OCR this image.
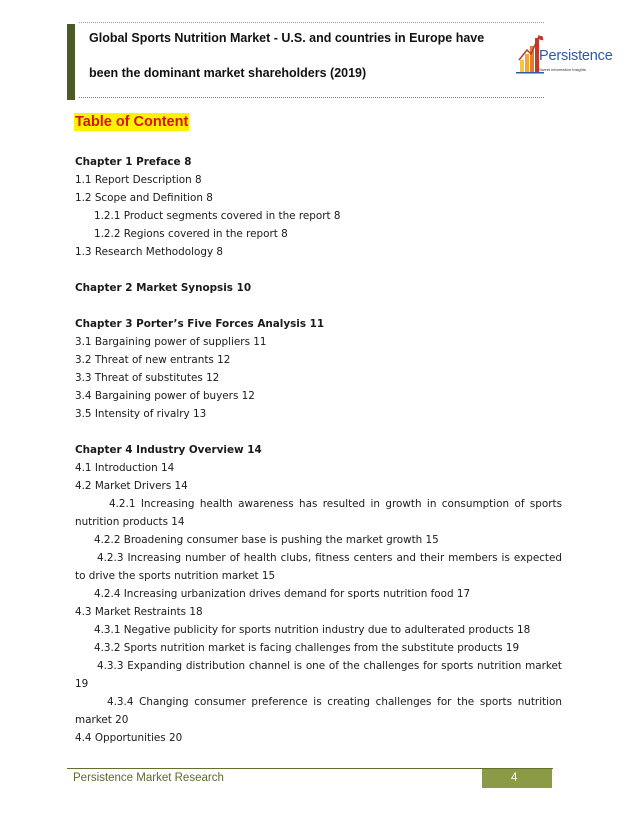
Global Sports Nutrition Market - U.S. and countries in Europe have
been the dominant market shareholders (2019)
Persistence
Sweet information Insights
Table of Content
Chapter 1 Preface 8
1.1 Report Description 8
1.2 Scope and Definition 8
1.2.1 Product segments covered in the report 8
1.2.2 Regions covered in the report 8
1.3 Research Methodology 8
Chapter 2 Market Synopsis 10
Chapter 3 Porter’s Five Forces Analysis 11
3.1 Bargaining power of suppliers 11
3.2 Threat of new entrants 12
3.3 Threat of substitutes 12
3.4 Bargaining power of buyers 12
3.5 Intensity of rivalry 13
Chapter 4 Industry Overview 14
4.1 Introduction 14
4.2 Market Drivers 14
4.2.1 Increasing health awareness has resulted in growth in consumption of sports
nutrition products 14
4.2.2 Broadening consumer base is pushing the market growth 15
4.2.3 Increasing number of health clubs, fitness centers and their members is expected
to drive the sports nutrition market 15
4.2.4 Increasing urbanization drives demand for sports nutrition food 17
4.3 Market Restraints 18
4.3.1 Negative publicity for sports nutrition industry due to adulterated products 18
4.3.2 Sports nutrition market is facing challenges from the substitute products 19
4.3.3 Expanding distribution channel is one of the challenges for sports nutrition market
19
4.3.4 Changing consumer preference is creating challenges for the sports nutrition
market 20
4.4 Opportunities 20
Persistence Market Research	4
